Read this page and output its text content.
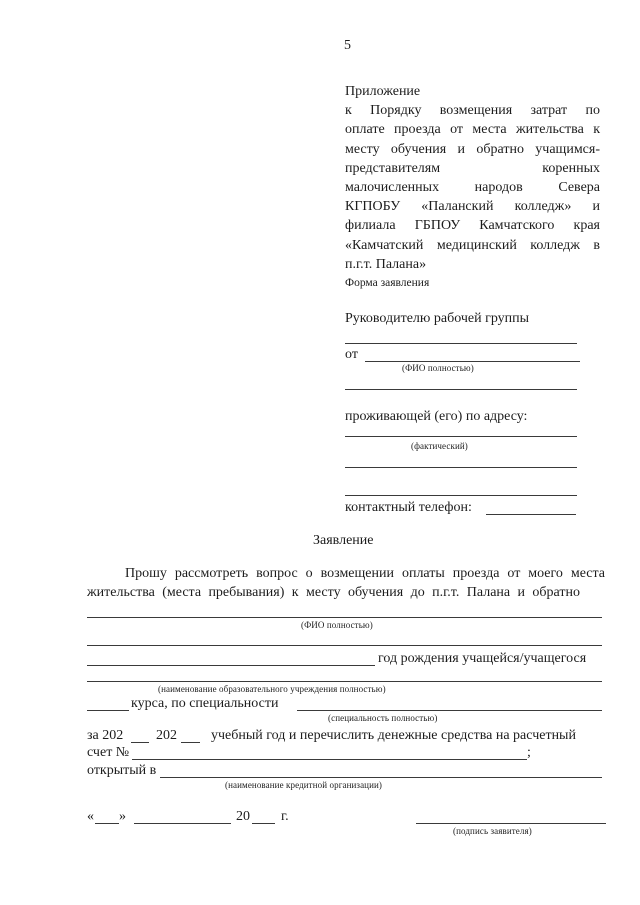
5
Приложение
к Порядку возмещения затрат по
оплате проезда от места жительства к
месту обучения и обратно учащимся-
представителям коренных
малочисленных народов Севера
КГПОБУ «Паланский колледж» и
филиала ГБПОУ Камчатского края
«Камчатский медицинский колледж в
п.г.т. Палана»
Форма заявления
Руководителю рабочей группы
от
(ФИО полностью)
проживающей (его) по адресу:
(фактический)
контактный телефон:
Заявление
Прошу рассмотреть вопрос о возмещении оплаты проезда от моего места
жительства (места пребывания) к месту обучения до п.г.т. Палана и обратно
(ФИО полностью)
год рождения учащейся/учащегося
(наименование образовательного учреждения полностью)
курса, по специальности
(специальность полностью)
за 202 202 учебный год и перечислить денежные средства на расчетный
счет №	;
открытый в
(наименование кредитной организации)
« »	20 г.
(подпись заявителя)
